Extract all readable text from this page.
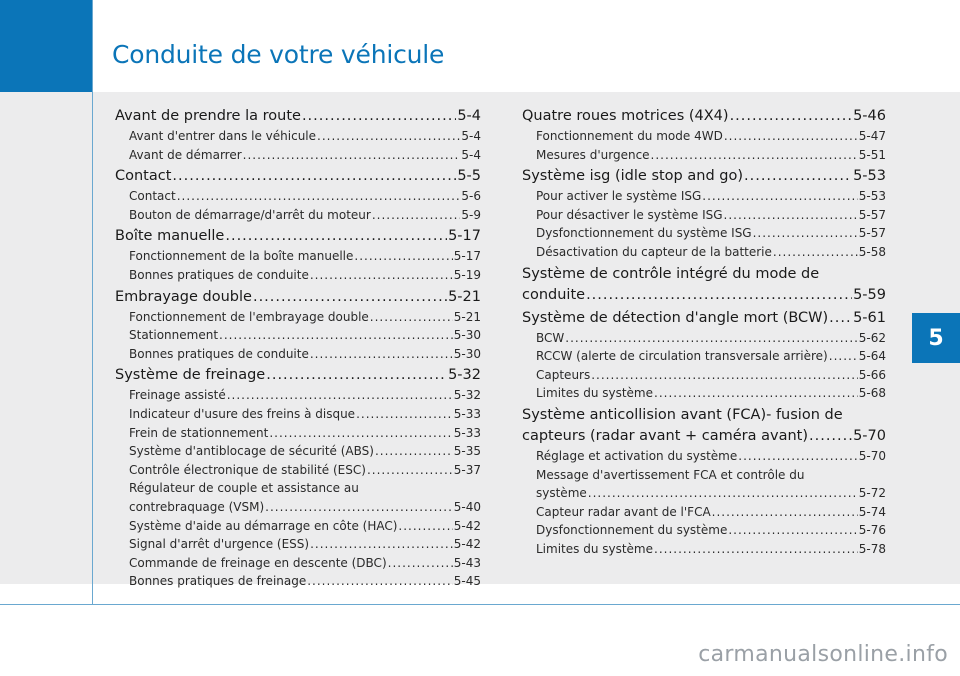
Conduite de votre véhicule
5
Avant de prendre la route .....	5-4
Avant d'entrer dans le véhicule .....	5-4
Avant de démarrer .....	5-4
Contact .....	5-5
Contact .....	5-6
Bouton de démarrage/d'arrêt du moteur .....	5-9
Boîte manuelle .....	5-17
Fonctionnement de la boîte manuelle .....	5-17
Bonnes pratiques de conduite .....	5-19
Embrayage double .....	5-21
Fonctionnement de l'embrayage double .....	5-21
Stationnement .....	5-30
Bonnes pratiques de conduite .....	5-30
Système de freinage .....	5-32
Freinage assisté .....	5-32
Indicateur d'usure des freins à disque .....	5-33
Frein de stationnement .....	5-33
Système d'antiblocage de sécurité (ABS) .....	5-35
Contrôle électronique de stabilité (ESC) .....	5-37
Régulateur de couple et assistance au
contrebraquage (VSM) .....	5-40
Système d'aide au démarrage en côte (HAC) .....	5-42
Signal d'arrêt d'urgence (ESS) .....	5-42
Commande de freinage en descente (DBC) .....	5-43
Bonnes pratiques de freinage .....	5-45
Quatre roues motrices (4X4) .....	5-46
Fonctionnement du mode 4WD .....	5-47
Mesures d'urgence .....	5-51
Système isg (idle stop and go) .....	5-53
Pour activer le système ISG .....	5-53
Pour désactiver le système ISG .....	5-57
Dysfonctionnement du système ISG .....	5-57
Désactivation du capteur de la batterie .....	5-58
Système de contrôle intégré du mode de
conduite .....	5-59
Système de détection d'angle mort (BCW) ..... 5-61
BCW .....	5-62
RCCW (alerte de circulation transversale arrière) .....	5-64
Capteurs .....	5-66
Limites du système .....	5-68
Système anticollision avant (FCA)- fusion de
capteurs (radar avant + caméra avant) .....	5-70
Réglage et activation du système .....	5-70
Message d'avertissement FCA et contrôle du
système .....	5-72
Capteur radar avant de l'FCA .....	5-74
Dysfonctionnement du système .....	5-76
Limites du système .....	5-78
carmanualsonline.info
